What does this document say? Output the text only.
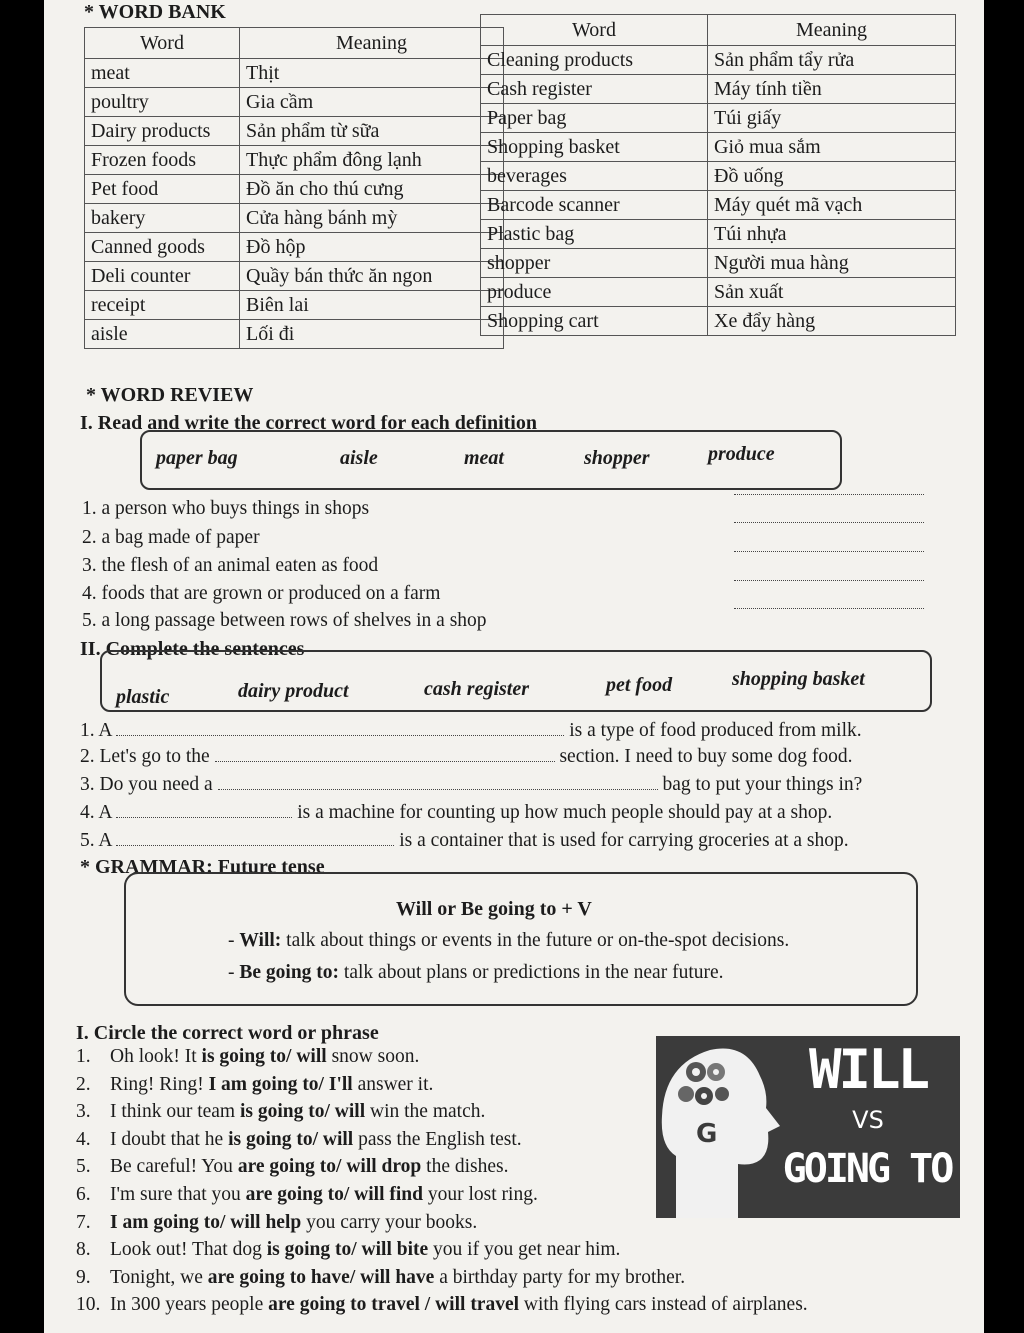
* WORD BANK
Word	Meaning
meat	Thịt
poultry	Gia cầm
Dairy products	Sản phẩm từ sữa
Frozen foods	Thực phẩm đông lạnh
Pet food	Đồ ăn cho thú cưng
bakery	Cửa hàng bánh mỳ
Canned goods	Đồ hộp
Deli counter	Quầy bán thức ăn ngon
receipt	Biên lai
aisle	Lối đi
Word	Meaning
Cleaning products	Sản phẩm tẩy rửa
Cash register	Máy tính tiền
Paper bag	Túi giấy
Shopping basket	Giỏ mua sắm
beverages	Đồ uống
Barcode scanner	Máy quét mã vạch
Plastic bag	Túi nhựa
shopper	Người mua hàng
produce	Sản xuất
Shopping cart	Xe đẩy hàng
* WORD REVIEW
I. Read and write the correct word for each definition
paper bag	aisle	meat	shopper	produce
1. a person who buys things in shops
2. a bag made of paper
3. the flesh of an animal eaten as food
4. foods that are grown or produced on a farm
5. a long passage between rows of shelves in a shop
II. Complete the sentences
plastic	dairy product	cash register	pet food	shopping basket
1. A	is a type of food produced from milk.
2. Let's go to the	section. I need to buy some dog food.
3. Do you need a	bag to put your things in?
4. A	is a machine for counting up how much people should pay at a shop.
5. A	is a container that is used for carrying groceries at a shop.
* GRAMMAR: Future tense
Will or Be going to + V
- Will: talk about things or events in the future or on-the-spot decisions.
- Be going to: talk about plans or predictions in the near future.
I. Circle the correct word or phrase
1. Oh look! It is going to/ will snow soon.
2. Ring! Ring! I am going to/ I'll answer it.
3. I think our team is going to/ will win the match.
4. I doubt that he is going to/ will pass the English test.
5. Be careful! You are going to/ will drop the dishes.
6. I'm sure that you are going to/ will find your lost ring.
7. I am going to/ will help you carry your books.
8. Look out! That dog is going to/ will bite you if you get near him.
9. Tonight, we are going to have/ will have a birthday party for my brother.
10. In 300 years people are going to travel / will travel with flying cars instead of airplanes.
G
WILL
VS
GOING TO
